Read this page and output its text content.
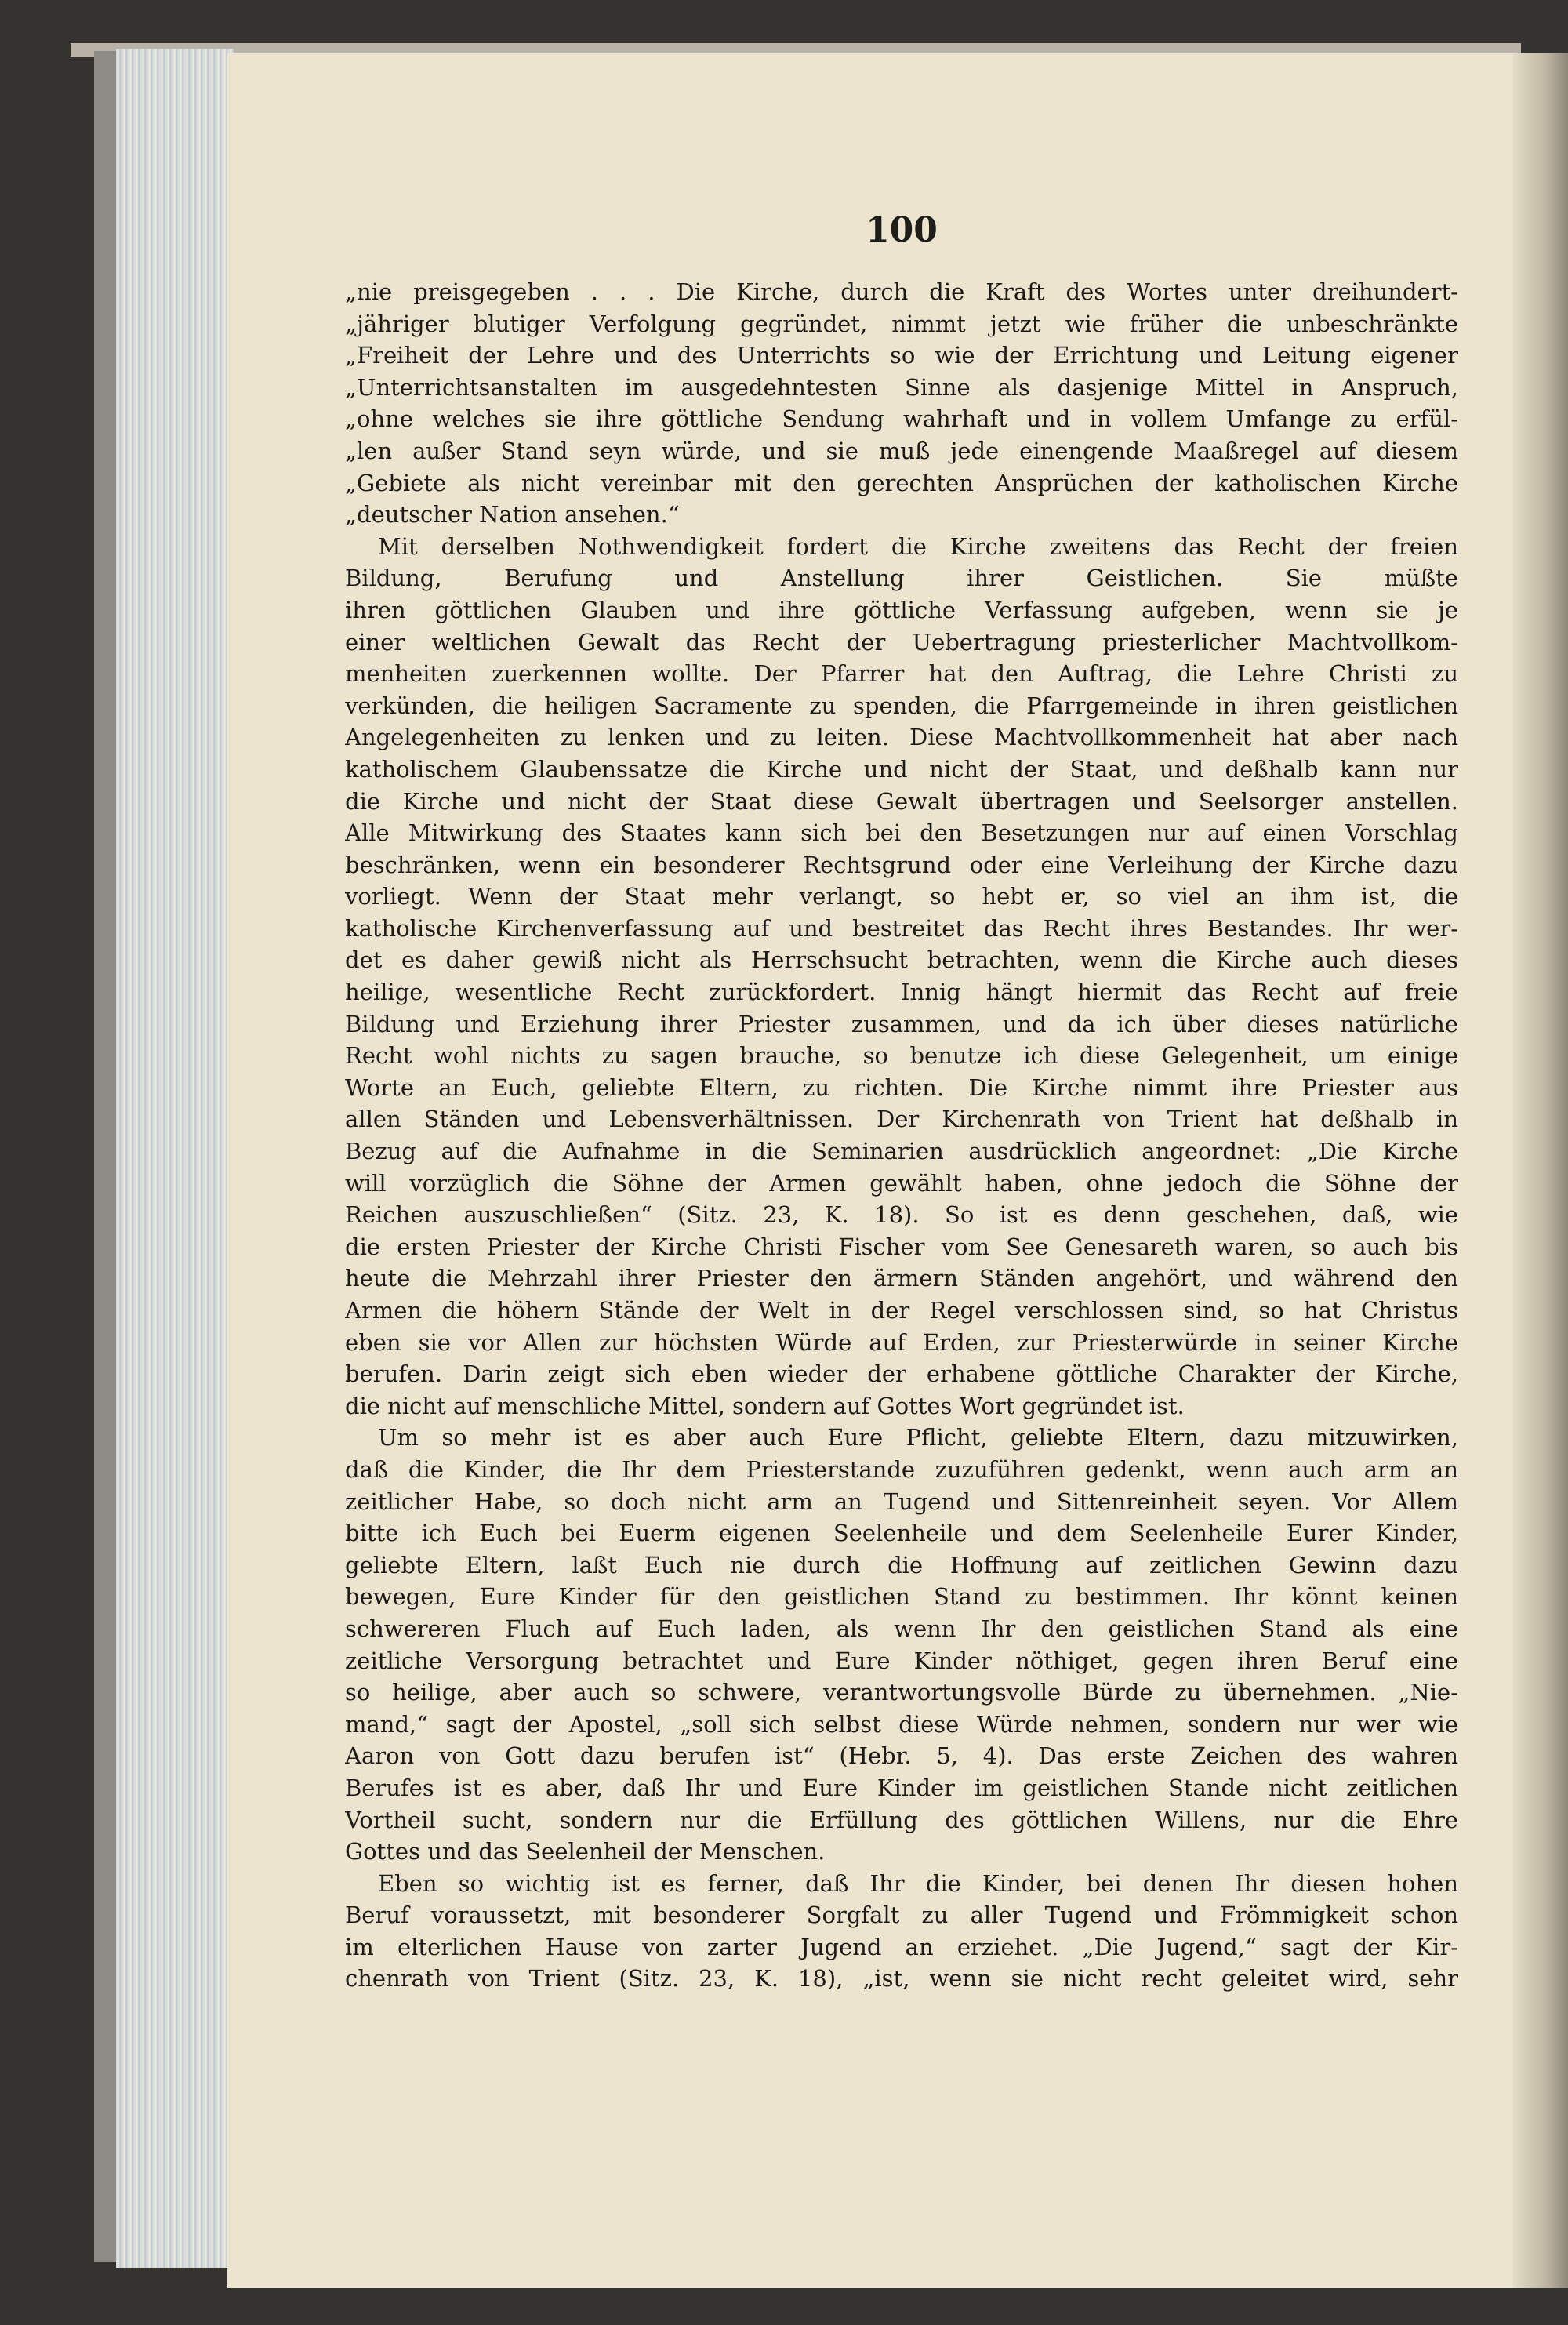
100
„nie preisgegeben . . . Die Kirche, durch die Kraft des Wortes unter dreihundert-
„jähriger blutiger Verfolgung gegründet, nimmt jetzt wie früher die unbeschränkte
„Freiheit der Lehre und des Unterrichts so wie der Errichtung und Leitung eigener
„Unterrichtsanstalten im ausgedehntesten Sinne als dasjenige Mittel in Anspruch,
„ohne welches sie ihre göttliche Sendung wahrhaft und in vollem Umfange zu erfül-
„len außer Stand seyn würde, und sie muß jede einengende Maaßregel auf diesem
„Gebiete als nicht vereinbar mit den gerechten Ansprüchen der katholischen Kirche
„deutscher Nation ansehen.“
Mit derselben Nothwendigkeit fordert die Kirche zweitens das Recht der freien
Bildung, Berufung und Anstellung ihrer Geistlichen. Sie müßte
ihren göttlichen Glauben und ihre göttliche Verfassung aufgeben, wenn sie je
einer weltlichen Gewalt das Recht der Uebertragung priesterlicher Machtvollkom-
menheiten zuerkennen wollte. Der Pfarrer hat den Auftrag, die Lehre Christi zu
verkünden, die heiligen Sacramente zu spenden, die Pfarrgemeinde in ihren geistlichen
Angelegenheiten zu lenken und zu leiten. Diese Machtvollkommenheit hat aber nach
katholischem Glaubenssatze die Kirche und nicht der Staat, und deßhalb kann nur
die Kirche und nicht der Staat diese Gewalt übertragen und Seelsorger anstellen.
Alle Mitwirkung des Staates kann sich bei den Besetzungen nur auf einen Vorschlag
beschränken, wenn ein besonderer Rechtsgrund oder eine Verleihung der Kirche dazu
vorliegt. Wenn der Staat mehr verlangt, so hebt er, so viel an ihm ist, die
katholische Kirchenverfassung auf und bestreitet das Recht ihres Bestandes. Ihr wer-
det es daher gewiß nicht als Herrschsucht betrachten, wenn die Kirche auch dieses
heilige, wesentliche Recht zurückfordert. Innig hängt hiermit das Recht auf freie
Bildung und Erziehung ihrer Priester zusammen, und da ich über dieses natürliche
Recht wohl nichts zu sagen brauche, so benutze ich diese Gelegenheit, um einige
Worte an Euch, geliebte Eltern, zu richten. Die Kirche nimmt ihre Priester aus
allen Ständen und Lebensverhältnissen. Der Kirchenrath von Trient hat deßhalb in
Bezug auf die Aufnahme in die Seminarien ausdrücklich angeordnet: „Die Kirche
will vorzüglich die Söhne der Armen gewählt haben, ohne jedoch die Söhne der
Reichen auszuschließen“ (Sitz. 23, K. 18). So ist es denn geschehen, daß, wie
die ersten Priester der Kirche Christi Fischer vom See Genesareth waren, so auch bis
heute die Mehrzahl ihrer Priester den ärmern Ständen angehört, und während den
Armen die höhern Stände der Welt in der Regel verschlossen sind, so hat Christus
eben sie vor Allen zur höchsten Würde auf Erden, zur Priesterwürde in seiner Kirche
berufen. Darin zeigt sich eben wieder der erhabene göttliche Charakter der Kirche,
die nicht auf menschliche Mittel, sondern auf Gottes Wort gegründet ist.
Um so mehr ist es aber auch Eure Pflicht, geliebte Eltern, dazu mitzuwirken,
daß die Kinder, die Ihr dem Priesterstande zuzuführen gedenkt, wenn auch arm an
zeitlicher Habe, so doch nicht arm an Tugend und Sittenreinheit seyen. Vor Allem
bitte ich Euch bei Euerm eigenen Seelenheile und dem Seelenheile Eurer Kinder,
geliebte Eltern, laßt Euch nie durch die Hoffnung auf zeitlichen Gewinn dazu
bewegen, Eure Kinder für den geistlichen Stand zu bestimmen. Ihr könnt keinen
schwereren Fluch auf Euch laden, als wenn Ihr den geistlichen Stand als eine
zeitliche Versorgung betrachtet und Eure Kinder nöthiget, gegen ihren Beruf eine
so heilige, aber auch so schwere, verantwortungsvolle Bürde zu übernehmen. „Nie-
mand,“ sagt der Apostel, „soll sich selbst diese Würde nehmen, sondern nur wer wie
Aaron von Gott dazu berufen ist“ (Hebr. 5, 4). Das erste Zeichen des wahren
Berufes ist es aber, daß Ihr und Eure Kinder im geistlichen Stande nicht zeitlichen
Vortheil sucht, sondern nur die Erfüllung des göttlichen Willens, nur die Ehre
Gottes und das Seelenheil der Menschen.
Eben so wichtig ist es ferner, daß Ihr die Kinder, bei denen Ihr diesen hohen
Beruf voraussetzt, mit besonderer Sorgfalt zu aller Tugend und Frömmigkeit schon
im elterlichen Hause von zarter Jugend an erziehet. „Die Jugend,“ sagt der Kir-
chenrath von Trient (Sitz. 23, K. 18), „ist, wenn sie nicht recht geleitet wird, sehr
